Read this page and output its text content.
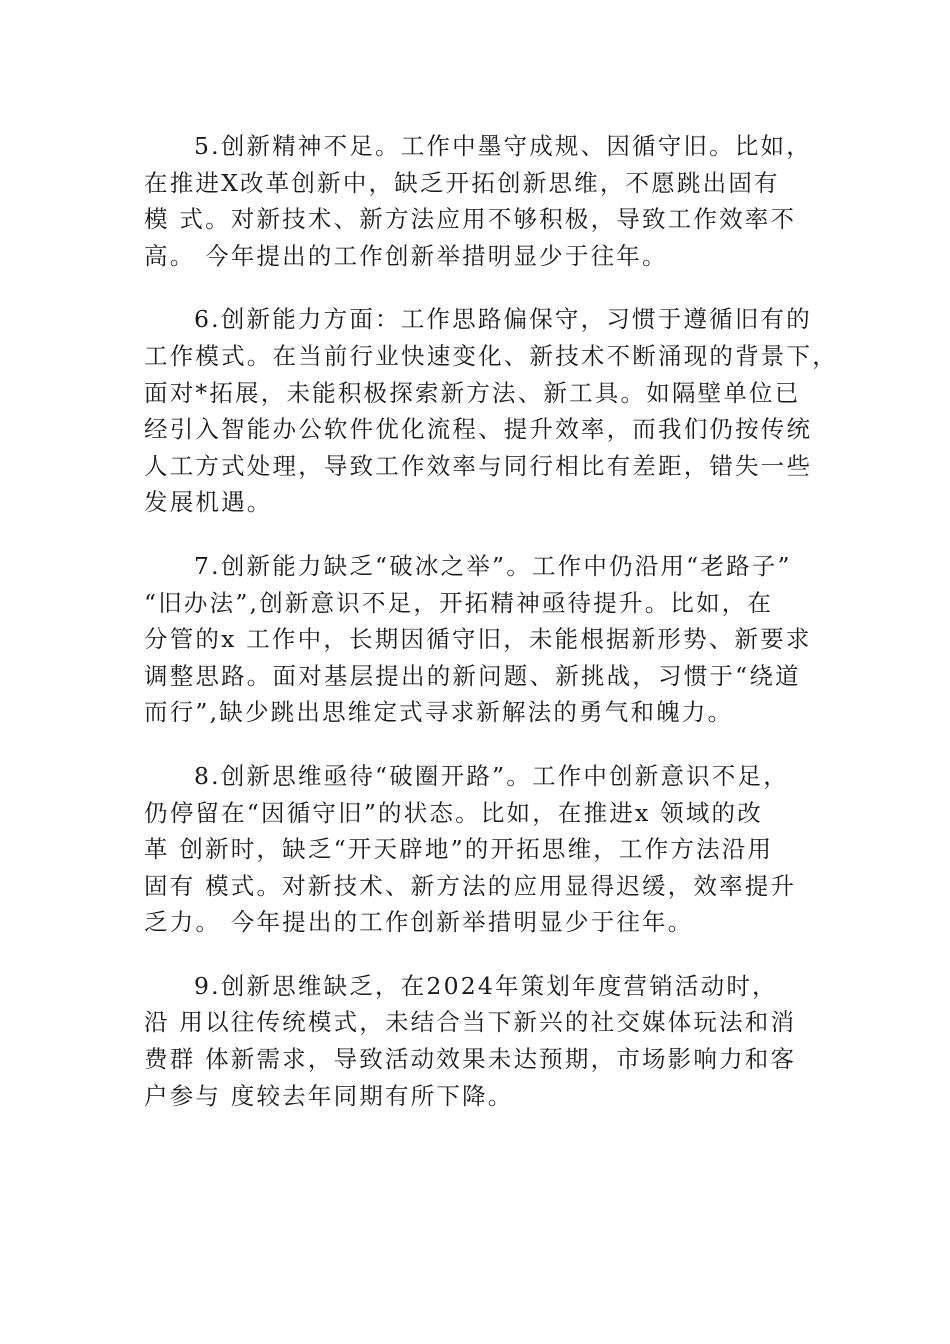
5.创新精神不足。工作中墨守成规、因循守旧。比如，
在推进X改革创新中，缺乏开拓创新思维，不愿跳出固有
模 式。对新技术、新方法应用不够积极，导致工作效率不
高。 今年提出的工作创新举措明显少于往年。

6.创新能力方面：工作思路偏保守，习惯于遵循旧有的
工作模式。在当前行业快速变化、新技术不断涌现的背景下，
面对*拓展，未能积极探索新方法、新工具。如隔壁单位已
经引入智能办公软件优化流程、提升效率，而我们仍按传统
人工方式处理，导致工作效率与同行相比有差距，错失一些
发展机遇。

7.创新能力缺乏“破冰之举”。工作中仍沿用“老路子”
“旧办法”,创新意识不足，开拓精神亟待提升。比如，在
分管的x 工作中，长期因循守旧，未能根据新形势、新要求
调整思路。面对基层提出的新问题、新挑战，习惯于“绕道
而行”,缺少跳出思维定式寻求新解法的勇气和魄力。

8.创新思维亟待“破圈开路”。工作中创新意识不足，
仍停留在“因循守旧”的状态。比如，在推进x 领域的改
革 创新时，缺乏“开天辟地”的开拓思维，工作方法沿用
固有 模式。对新技术、新方法的应用显得迟缓，效率提升
乏力。 今年提出的工作创新举措明显少于往年。

9.创新思维缺乏，在2024年策划年度营销活动时，
沿 用以往传统模式，未结合当下新兴的社交媒体玩法和消
费群 体新需求，导致活动效果未达预期，市场影响力和客
户参与 度较去年同期有所下降。
